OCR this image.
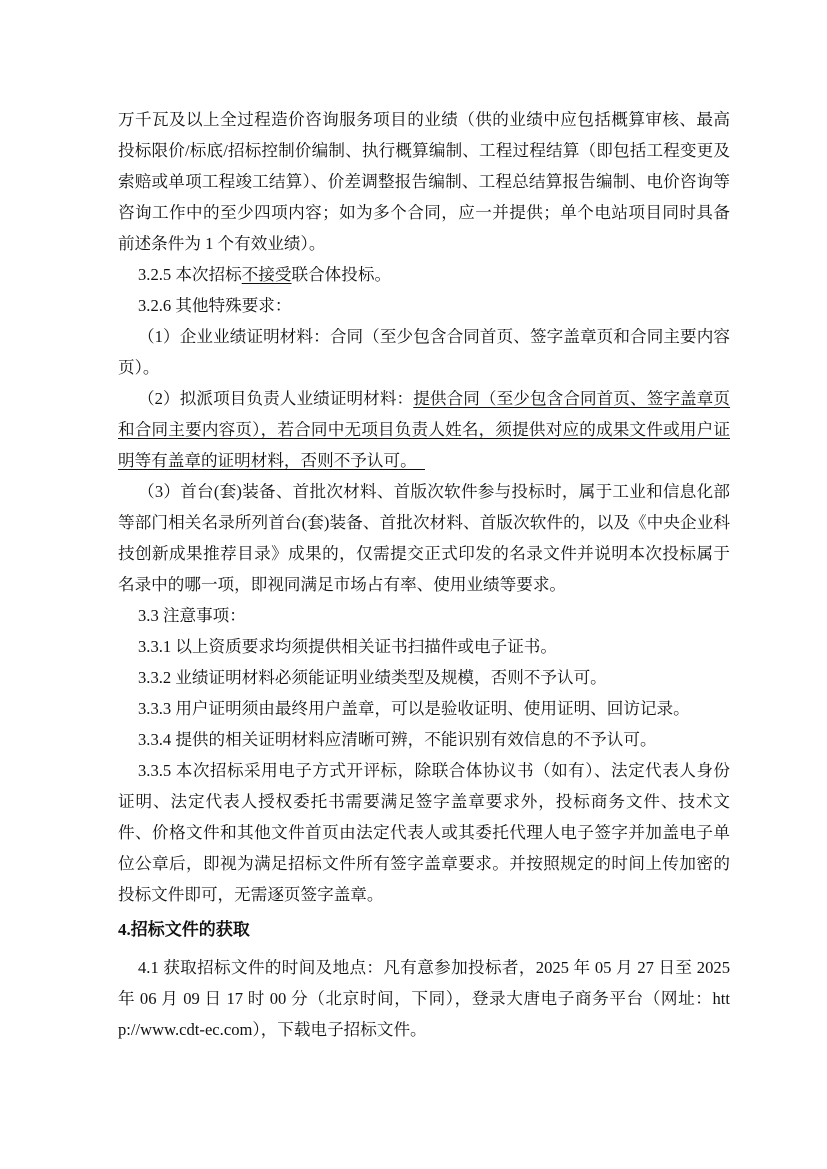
万千瓦及以上全过程造价咨询服务项目的业绩（供的业绩中应包括概算审核、最高投标限价/标底/招标控制价编制、执行概算编制、工程过程结算（即包括工程变更及索赔或单项工程竣工结算）、价差调整报告编制、工程总结算报告编制、电价咨询等咨询工作中的至少四项内容；如为多个合同，应一并提供；单个电站项目同时具备前述条件为 1 个有效业绩）。

3.2.5 本次招标不接受联合体投标。

3.2.6 其他特殊要求：

（1）企业业绩证明材料：合同（至少包含合同首页、签字盖章页和合同主要内容页）。

（2）拟派项目负责人业绩证明材料：提供合同（至少包含合同首页、签字盖章页和合同主要内容页），若合同中无项目负责人姓名，须提供对应的成果文件或用户证明等有盖章的证明材料，否则不予认可。　

（3）首台(套)装备、首批次材料、首版次软件参与投标时，属于工业和信息化部等部门相关名录所列首台(套)装备、首批次材料、首版次软件的，以及《中央企业科技创新成果推荐目录》成果的，仅需提交正式印发的名录文件并说明本次投标属于名录中的哪一项，即视同满足市场占有率、使用业绩等要求。

3.3 注意事项：

3.3.1 以上资质要求均须提供相关证书扫描件或电子证书。

3.3.2 业绩证明材料必须能证明业绩类型及规模，否则不予认可。

3.3.3 用户证明须由最终用户盖章，可以是验收证明、使用证明、回访记录。

3.3.4 提供的相关证明材料应清晰可辨，不能识别有效信息的不予认可。

3.3.5 本次招标采用电子方式开评标，除联合体协议书（如有）、法定代表人身份证明、法定代表人授权委托书需要满足签字盖章要求外，投标商务文件、技术文件、价格文件和其他文件首页由法定代表人或其委托代理人电子签字并加盖电子单位公章后，即视为满足招标文件所有签字盖章要求。并按照规定的时间上传加密的投标文件即可，无需逐页签字盖章。

4.招标文件的获取

4.1 获取招标文件的时间及地点：凡有意参加投标者，2025 年 05 月 27 日至 2025 年 06 月 09 日 17 时 00 分（北京时间，下同），登录大唐电子商务平台（网址：http://www.cdt-ec.com），下载电子招标文件。
